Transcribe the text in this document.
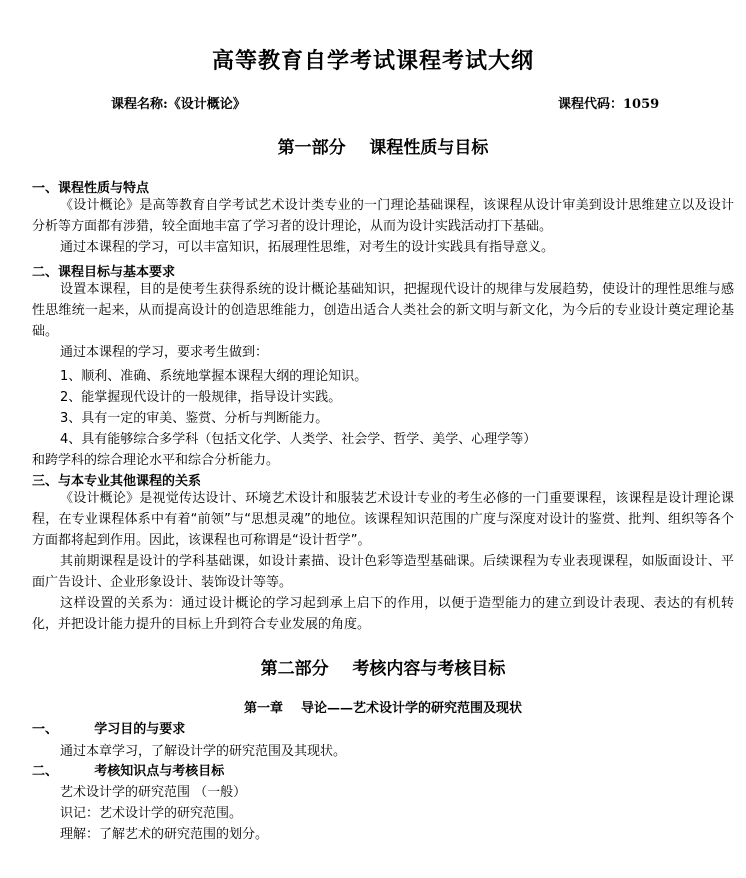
高等教育自学考试课程考试大纲
课程名称:《设计概论》	课程代码：1059
第一部分    课程性质与目标
一、课程性质与特点
《设计概论》是高等教育自学考试艺术设计类专业的一门理论基础课程，该课程从设计审美到设计思维建立以及设计分析等方面都有涉猎，较全面地丰富了学习者的设计理论，从而为设计实践活动打下基础。
通过本课程的学习，可以丰富知识，拓展理性思维，对考生的设计实践具有指导意义。
二、课程目标与基本要求
设置本课程，目的是使考生获得系统的设计概论基础知识，把握现代设计的规律与发展趋势，使设计的理性思维与感性思维统一起来，从而提高设计的创造思维能力，创造出适合人类社会的新文明与新文化，为今后的专业设计奠定理论基础。
通过本课程的学习，要求考生做到：
1、顺利、准确、系统地掌握本课程大纲的理论知识。
2、能掌握现代设计的一般规律，指导设计实践。
3、具有一定的审美、鉴赏、分析与判断能力。
4、具有能够综合多学科（包括文化学、人类学、社会学、哲学、美学、心理学等）
和跨学科的综合理论水平和综合分析能力。
三、与本专业其他课程的关系
《设计概论》是视觉传达设计、环境艺术设计和服装艺术设计专业的考生必修的一门重要课程，该课程是设计理论课程，在专业课程体系中有着“前领”与“思想灵魂”的地位。该课程知识范围的广度与深度对设计的鉴赏、批判、组织等各个方面都将起到作用。因此，该课程也可称谓是“设计哲学”。
其前期课程是设计的学科基础课，如设计素描、设计色彩等造型基础课。后续课程为专业表现课程，如版面设计、平面广告设计、企业形象设计、装饰设计等等。
这样设置的关系为：通过设计概论的学习起到承上启下的作用，以便于造型能力的建立到设计表现、表达的有机转化，并把设计能力提升的目标上升到符合专业发展的角度。
第二部分    考核内容与考核目标
第一章    导论——艺术设计学的研究范围及现状
一、        学习目的与要求
通过本章学习，了解设计学的研究范围及其现状。
二、        考核知识点与考核目标
艺术设计学的研究范围 （一般）
识记：艺术设计学的研究范围。
理解：了解艺术的研究范围的划分。
